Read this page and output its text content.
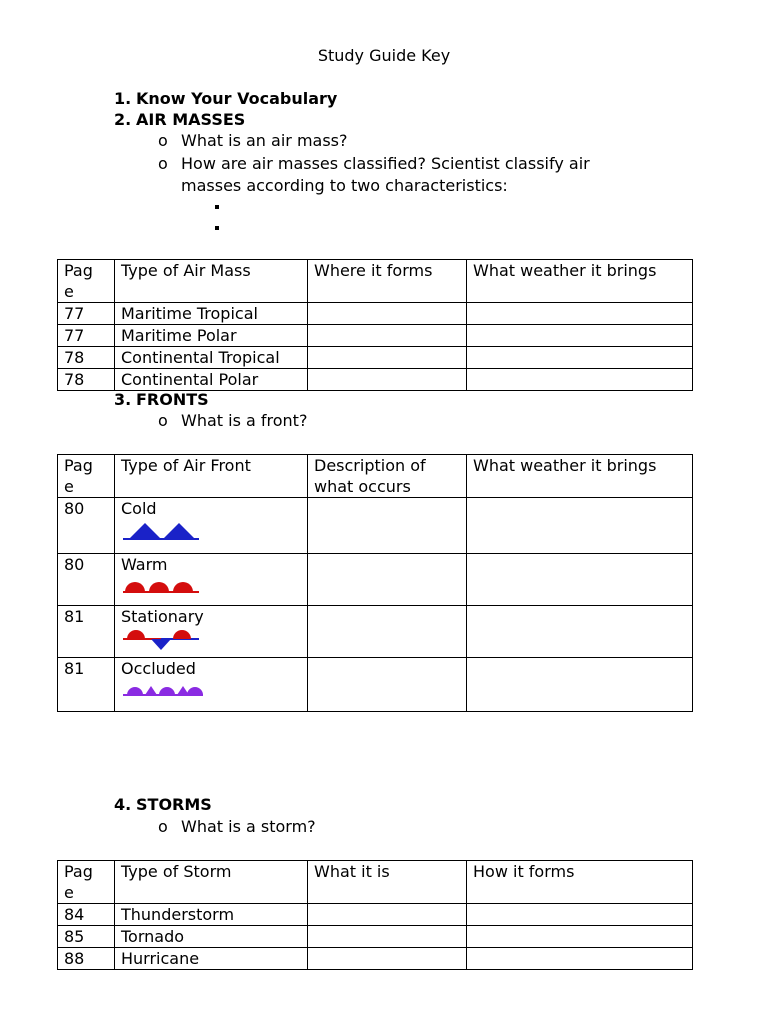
Study Guide Key
1. Know Your Vocabulary
2. AIR MASSES
o What is an air mass?
o How are air masses classified? Scientist classify air
masses according to two characteristics:
Pag
e	Type of Air Mass	Where it forms	What weather it brings
77	Maritime Tropical		
77	Maritime Polar		
78	Continental Tropical		
78	Continental Polar		
3. FRONTS
o What is a front?
Pag
e	Type of Air Front	Description of what occurs	What weather it brings
80	Cold

80	Warm

81	Stationary

81	Occluded

4. STORMS
o What is a storm?
Pag
e	Type of Storm	What it is	How it forms
84	Thunderstorm		
85	Tornado		
88	Hurricane		
